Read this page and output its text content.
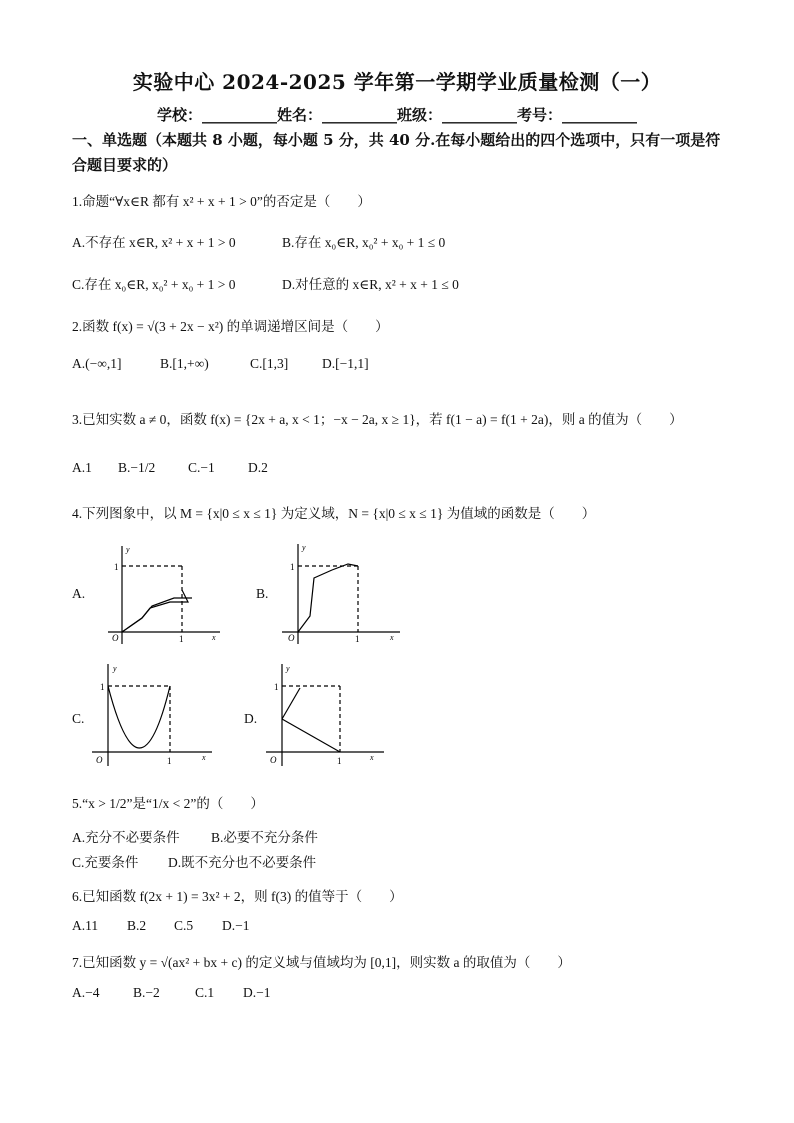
实验中心 2024-2025 学年第一学期学业质量检测（一）
学校：__________姓名：__________班级：__________考号：__________
一、单选题（本题共 8 小题，每小题 5 分，共 40 分.在每小题给出的四个选项中，只有一项是符合题目要求的）
1.命题“∀x∈R 都有 x² + x + 1 > 0”的否定是（　　）
A.不存在 x∈R, x² + x + 1 > 0	B.存在 x₀∈R, x₀² + x₀ + 1 ≤ 0
C.存在 x₀∈R, x₀² + x₀ + 1 > 0	D.对任意的 x∈R, x² + x + 1 ≤ 0
2.函数 f(x) = √(3 + 2x − x²) 的单调递增区间是（　　）
A.(−∞,1]	B.[1,+∞)	C.[1,3]	D.[−1,1]
3.已知实数 a ≠ 0，函数 f(x) = {2x + a, x < 1；−x − 2a, x ≥ 1}，若 f(1 − a) = f(1 + 2a)，则 a 的值为（　　）
A.1 B.−1/2 C.−1 D.2
4.下列图象中，以 M = {x|0 ≤ x ≤ 1} 为定义域，N = {x|0 ≤ x ≤ 1} 为值域的函数是（　　）
A.
y
1
O	1	x
B.
y
1
O	1	x
C.
y
1
O	1	x
D.
y
1
O	1	x
5.“x > 1/2”是“1/x < 2”的（　　）
A.充分不必要条件 B.必要不充分条件
C.充要条件 D.既不充分也不必要条件
6.已知函数 f(2x + 1) = 3x² + 2，则 f(3) 的值等于（　　）
A.11 B.2 C.5 D.−1
7.已知函数 y = √(ax² + bx + c) 的定义域与值域均为 [0,1]，则实数 a 的取值为（　　）
A.−4 B.−2	C.1 D.−1
